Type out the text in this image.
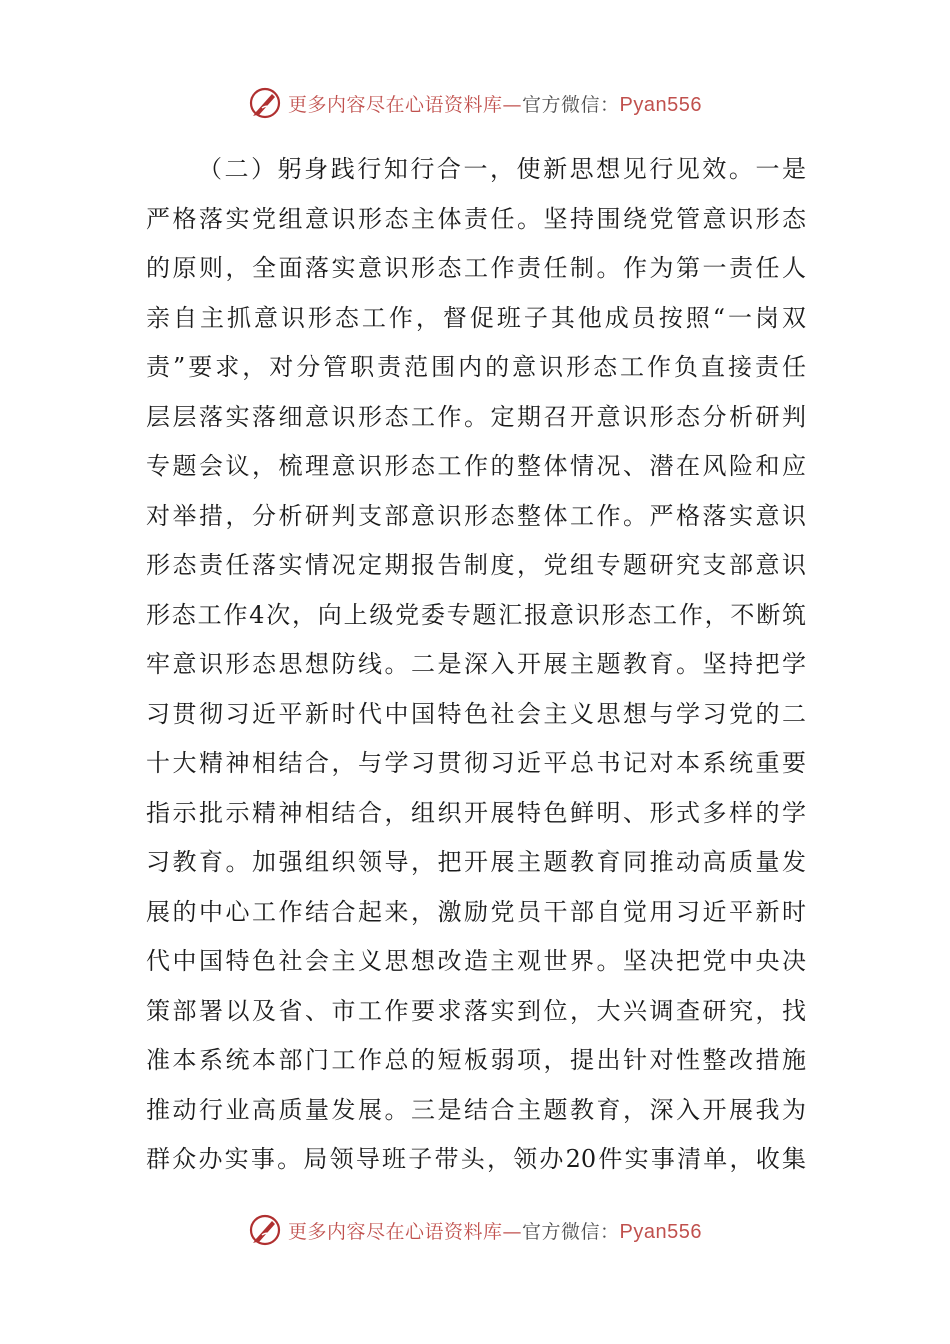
更多内容尽在心语资料库—官方微信：Pyan556
（二）躬身践行知行合一，使新思想见行见效。一是
严格落实党组意识形态主体责任。坚持围绕党管意识形态
的原则，全面落实意识形态工作责任制。作为第一责任人
亲自主抓意识形态工作，督促班子其他成员按照“一岗双
责”要求，对分管职责范围内的意识形态工作负直接责任
层层落实落细意识形态工作。定期召开意识形态分析研判
专题会议，梳理意识形态工作的整体情况、潜在风险和应
对举措，分析研判支部意识形态整体工作。严格落实意识
形态责任落实情况定期报告制度，党组专题研究支部意识
形态工作4次，向上级党委专题汇报意识形态工作，不断筑
牢意识形态思想防线。二是深入开展主题教育。坚持把学
习贯彻习近平新时代中国特色社会主义思想与学习党的二
十大精神相结合，与学习贯彻习近平总书记对本系统重要
指示批示精神相结合，组织开展特色鲜明、形式多样的学
习教育。加强组织领导，把开展主题教育同推动高质量发
展的中心工作结合起来，激励党员干部自觉用习近平新时
代中国特色社会主义思想改造主观世界。坚决把党中央决
策部署以及省、市工作要求落实到位，大兴调查研究，找
准本系统本部门工作总的短板弱项，提出针对性整改措施
推动行业高质量发展。三是结合主题教育，深入开展我为
群众办实事。局领导班子带头，领办20件实事清单，收集
更多内容尽在心语资料库—官方微信：Pyan556
